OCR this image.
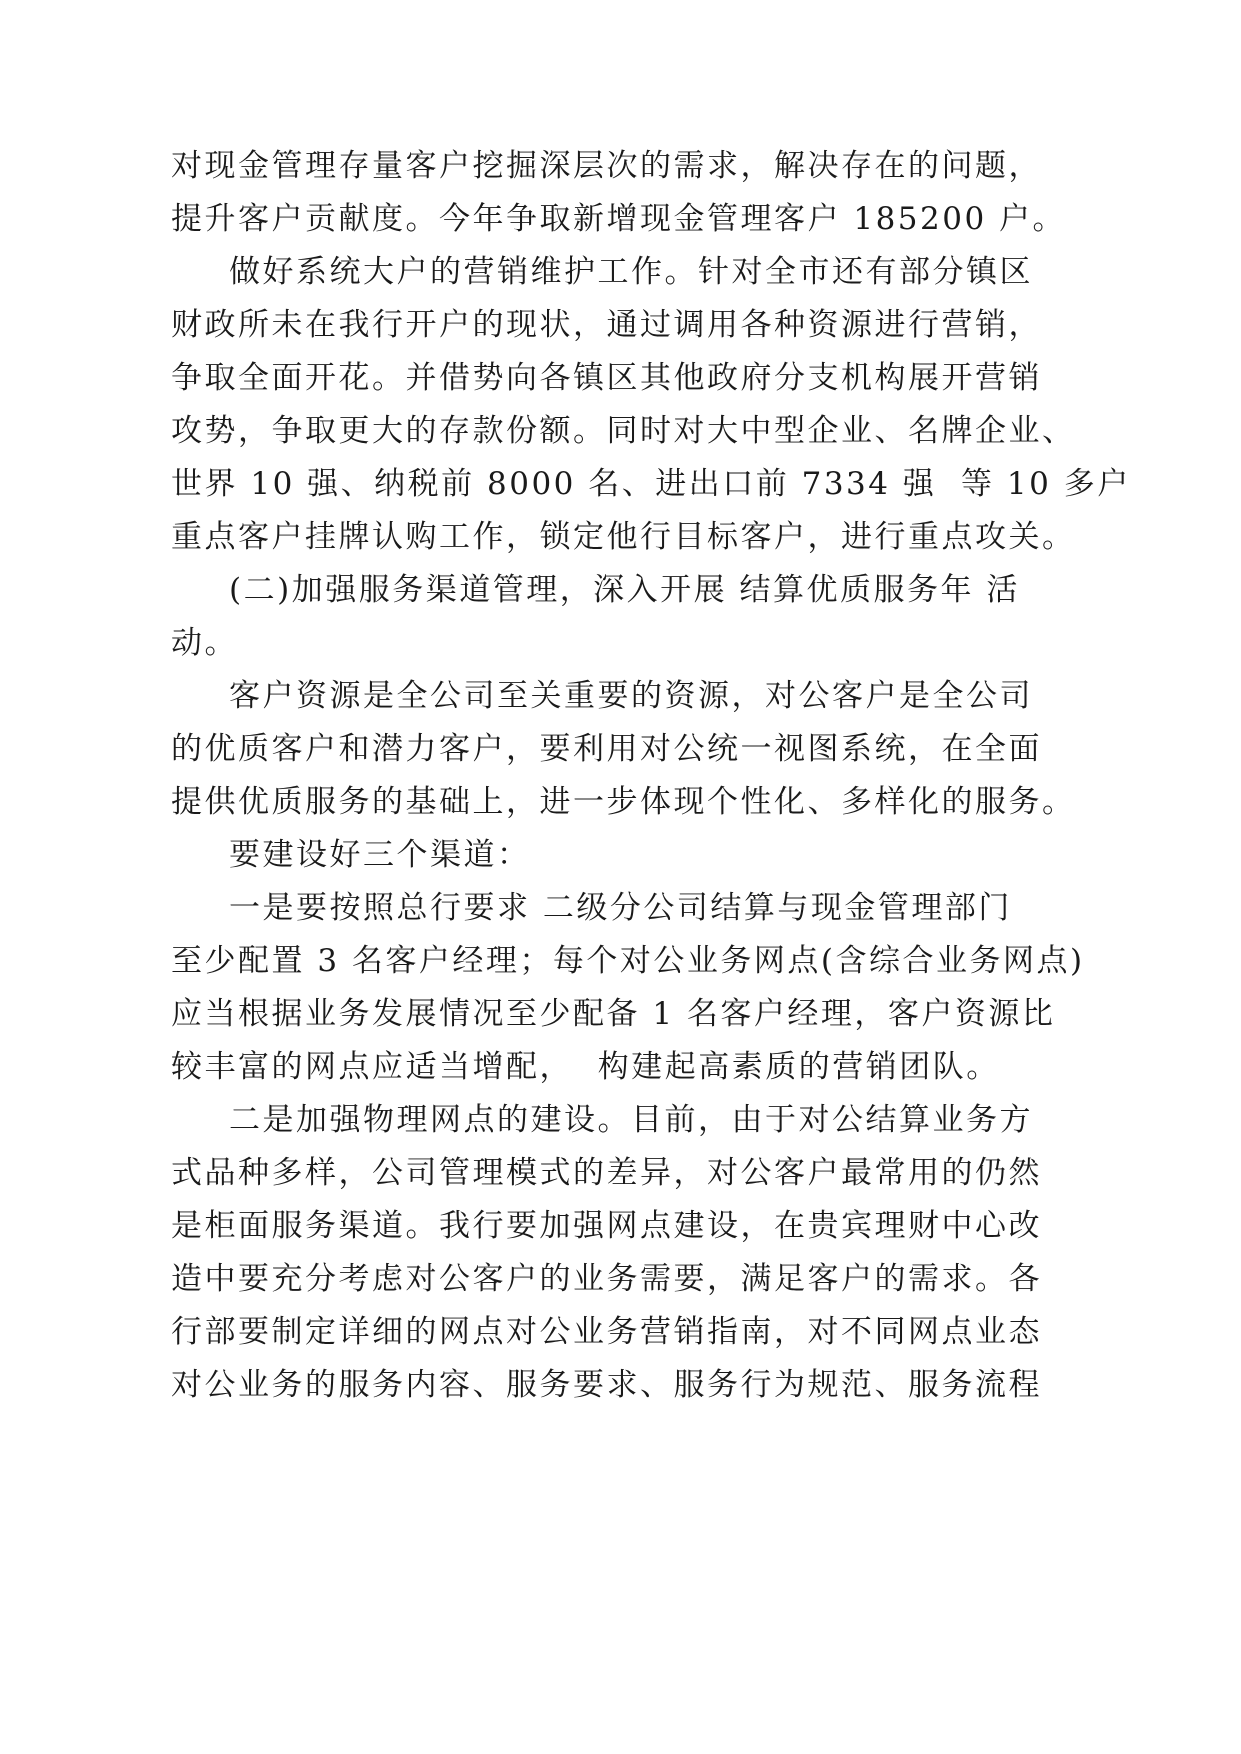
对现金管理存量客户挖掘深层次的需求，解决存在的问题，
提升客户贡献度。今年争取新增现金管理客户 185200 户。
做好系统大户的营销维护工作。针对全市还有部分镇区
财政所未在我行开户的现状，通过调用各种资源进行营销，
争取全面开花。并借势向各镇区其他政府分支机构展开营销
攻势，争取更大的存款份额。同时对大中型企业、名牌企业、
世界 10 强、纳税前 8000 名、进出口前 7334 强  等 10 多户
重点客户挂牌认购工作，锁定他行目标客户，进行重点攻关。
(二)加强服务渠道管理，深入开展 结算优质服务年 活
动。
客户资源是全公司至关重要的资源，对公客户是全公司
的优质客户和潜力客户，要利用对公统一视图系统，在全面
提供优质服务的基础上，进一步体现个性化、多样化的服务。
要建设好三个渠道：
一是要按照总行要求 二级分公司结算与现金管理部门
至少配置 3 名客户经理；每个对公业务网点(含综合业务网点)
应当根据业务发展情况至少配备 1 名客户经理，客户资源比
较丰富的网点应适当增配，  构建起高素质的营销团队。
二是加强物理网点的建设。目前，由于对公结算业务方
式品种多样，公司管理模式的差异，对公客户最常用的仍然
是柜面服务渠道。我行要加强网点建设，在贵宾理财中心改
造中要充分考虑对公客户的业务需要，满足客户的需求。各
行部要制定详细的网点对公业务营销指南，对不同网点业态
对公业务的服务内容、服务要求、服务行为规范、服务流程
